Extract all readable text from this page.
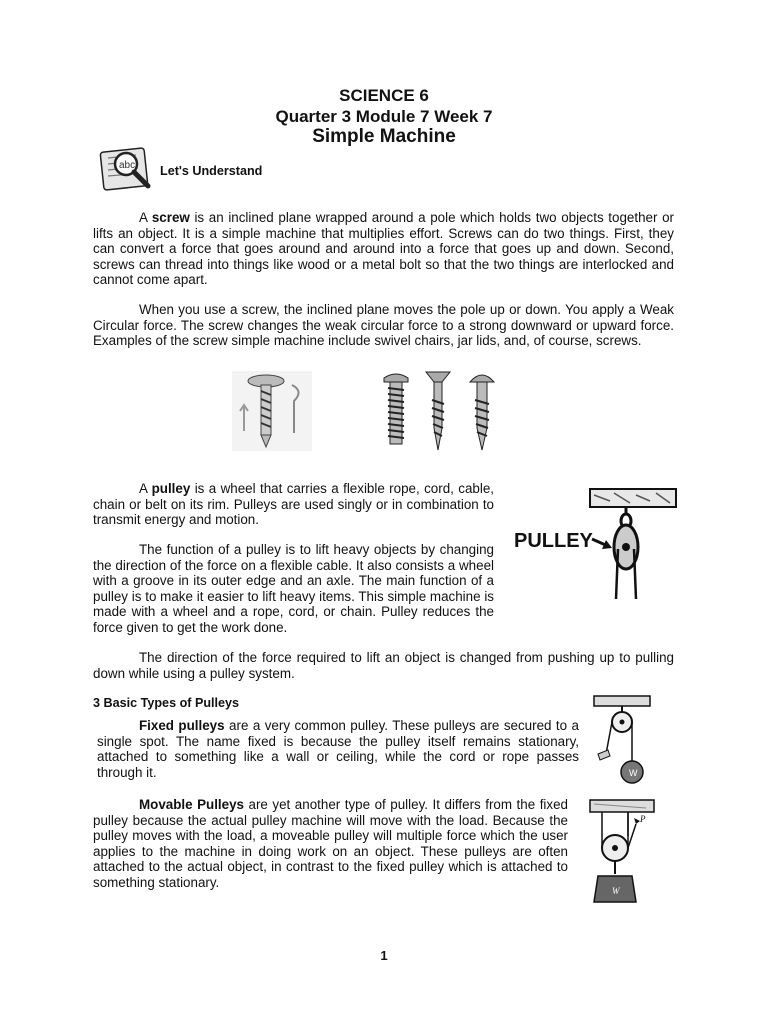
SCIENCE 6
Quarter 3 Module 7 Week 7
Simple Machine
abc Let's Understand

A screw is an inclined plane wrapped around a pole which holds two objects together or lifts an object. It is a simple machine that multiplies effort. Screws can do two things. First, they can convert a force that goes around and around into a force that goes up and down. Second, screws can thread into things like wood or a metal bolt so that the two things are interlocked and cannot come apart.

When you use a screw, the inclined plane moves the pole up or down. You apply a Weak Circular force. The screw changes the weak circular force to a strong downward or upward force. Examples of the screw simple machine include swivel chairs, jar lids, and, of course, screws.

A pulley is a wheel that carries a flexible rope, cord, cable, chain or belt on its rim. Pulleys are used singly or in combination to transmit energy and motion.

The function of a pulley is to lift heavy objects by changing the direction of the force on a flexible cable. It also consists a wheel with a groove in its outer edge and an axle. The main function of a pulley is to make it easier to lift heavy items. This simple machine is made with a wheel and a rope, cord, or chain. Pulley reduces the force given to get the work done.

PULLEY

The direction of the force required to lift an object is changed from pushing up to pulling down while using a pulley system.

3 Basic Types of Pulleys

Fixed pulleys are a very common pulley. These pulleys are secured to a single spot. The name fixed is because the pulley itself remains stationary, attached to something like a wall or ceiling, while the cord or rope passes through it.	W

Movable Pulleys are yet another type of pulley. It differs from the fixed pulley because the actual pulley machine will move with the load. Because the pulley moves with the load, a moveable pulley will multiple force which the user applies to the machine in doing work on an object. These pulleys are often attached to the actual object, in contrast to the fixed pulley which is attached to something stationary.

P
W
1
